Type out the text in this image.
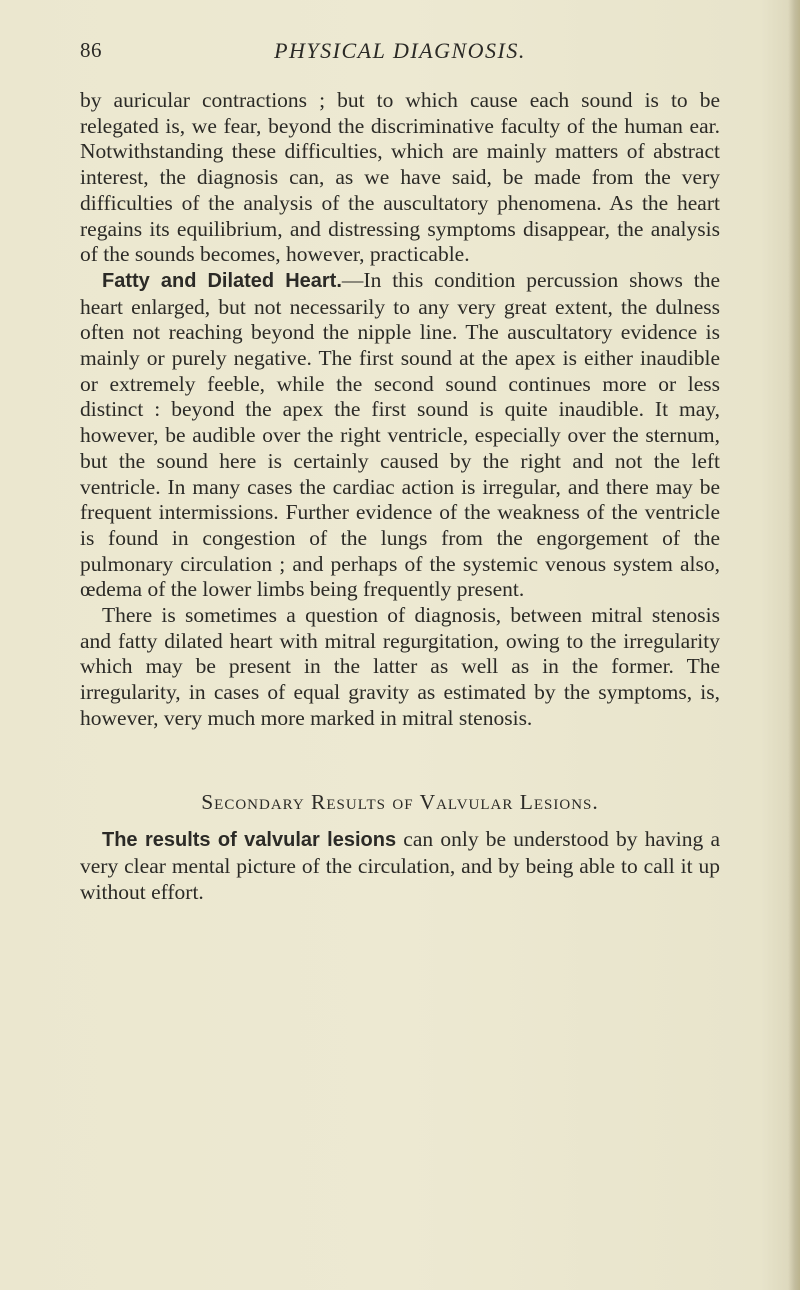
86	PHYSICAL DIAGNOSIS.

by auricular contractions ; but to which cause each sound is to be relegated is, we fear, beyond the discriminative faculty of the human ear. Notwithstanding these difficulties, which are mainly matters of abstract interest, the diagnosis can, as we have said, be made from the very difficulties of the analysis of the auscultatory phenomena. As the heart regains its equilibrium, and distressing symptoms disappear, the analysis of the sounds becomes, however, practicable.

Fatty and Dilated Heart.—In this condition percussion shows the heart enlarged, but not necessarily to any very great extent, the dulness often not reaching beyond the nipple line. The auscultatory evidence is mainly or purely negative. The first sound at the apex is either inaudible or extremely feeble, while the second sound continues more or less distinct : beyond the apex the first sound is quite inaudible. It may, however, be audible over the right ventricle, especially over the sternum, but the sound here is certainly caused by the right and not the left ventricle. In many cases the cardiac action is irregular, and there may be frequent intermissions. Further evidence of the weakness of the ventricle is found in congestion of the lungs from the engorgement of the pulmonary circulation ; and perhaps of the systemic venous system also, œdema of the lower limbs being frequently present.

There is sometimes a question of diagnosis, between mitral stenosis and fatty dilated heart with mitral regurgitation, owing to the irregularity which may be present in the latter as well as in the former. The irregularity, in cases of equal gravity as estimated by the symptoms, is, however, very much more marked in mitral stenosis.

Secondary Results of Valvular Lesions.

The results of valvular lesions can only be understood by having a very clear mental picture of the circulation, and by being able to call it up without effort.
